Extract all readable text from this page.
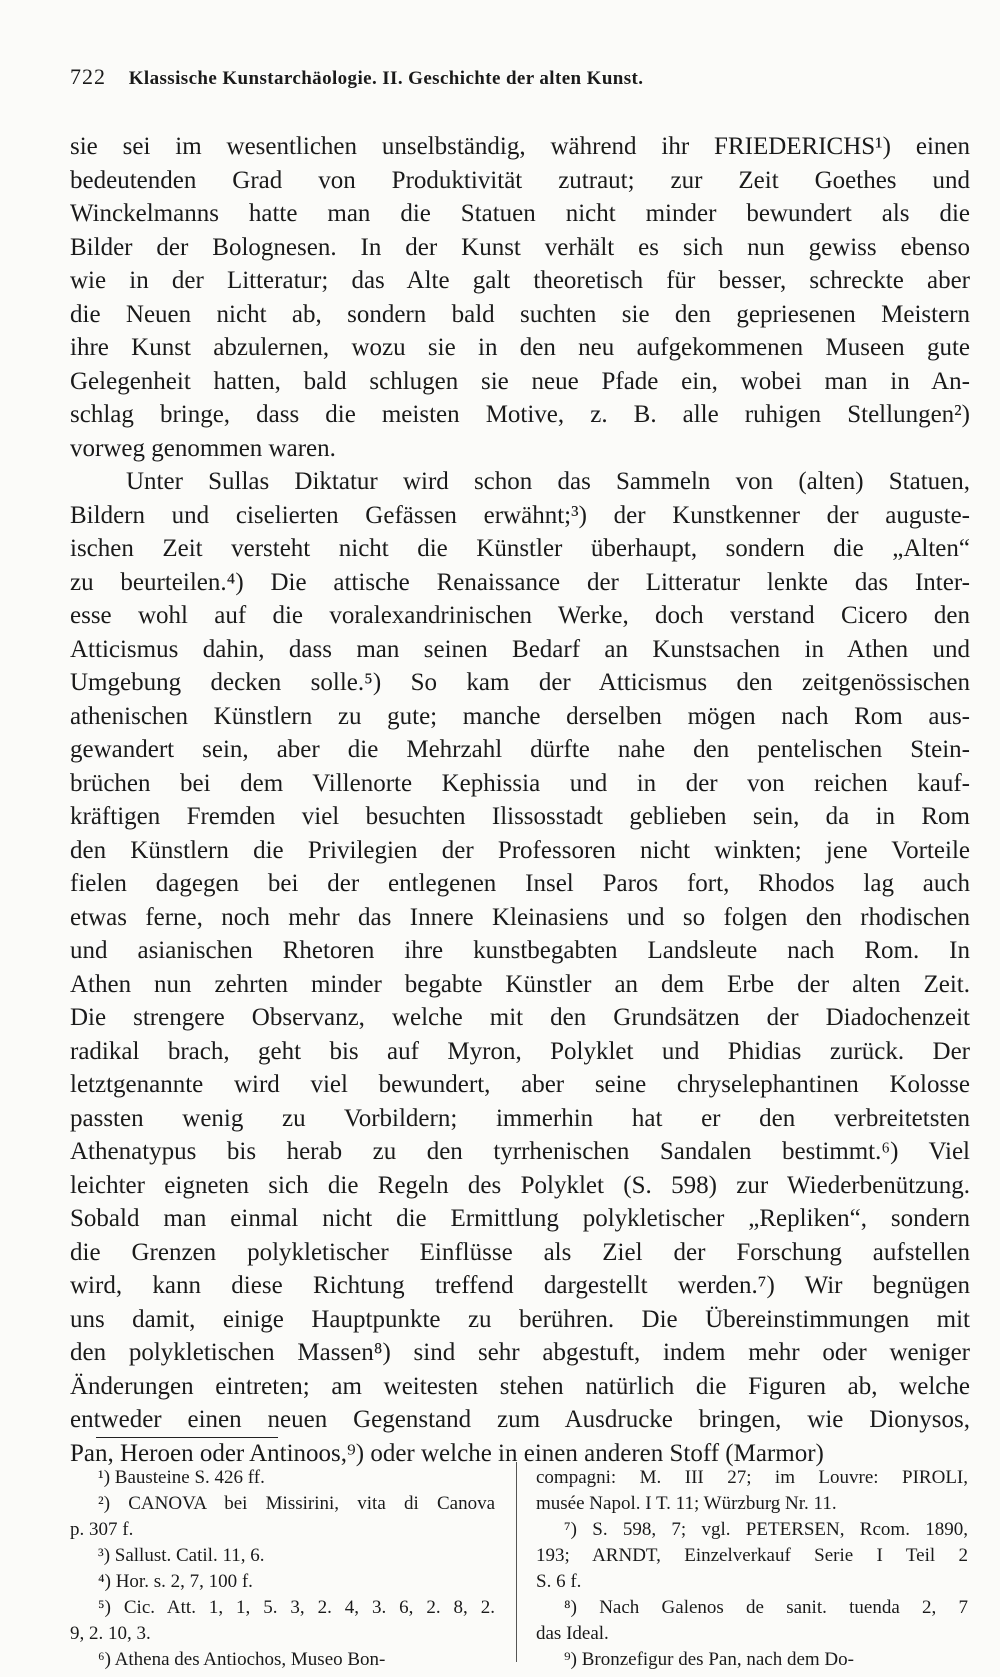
722 Klassische Kunstarchäologie. II. Geschichte der alten Kunst.
sie sei im wesentlichen unselbständig, während ihr FRIEDERICHS¹) einen
bedeutenden Grad von Produktivität zutraut; zur Zeit Goethes und
Winckelmanns hatte man die Statuen nicht minder bewundert als die
Bilder der Bolognesen. In der Kunst verhält es sich nun gewiss ebenso
wie in der Litteratur; das Alte galt theoretisch für besser, schreckte aber
die Neuen nicht ab, sondern bald suchten sie den gepriesenen Meistern
ihre Kunst abzulernen, wozu sie in den neu aufgekommenen Museen gute
Gelegenheit hatten, bald schlugen sie neue Pfade ein, wobei man in An-
schlag bringe, dass die meisten Motive, z. B. alle ruhigen Stellungen²)
vorweg genommen waren.
Unter Sullas Diktatur wird schon das Sammeln von (alten) Statuen,
Bildern und ciselierten Gefässen erwähnt;³) der Kunstkenner der auguste-
ischen Zeit versteht nicht die Künstler überhaupt, sondern die „Alten“
zu beurteilen.⁴) Die attische Renaissance der Litteratur lenkte das Inter-
esse wohl auf die voralexandrinischen Werke, doch verstand Cicero den
Atticismus dahin, dass man seinen Bedarf an Kunstsachen in Athen und
Umgebung decken solle.⁵) So kam der Atticismus den zeitgenössischen
athenischen Künstlern zu gute; manche derselben mögen nach Rom aus-
gewandert sein, aber die Mehrzahl dürfte nahe den pentelischen Stein-
brüchen bei dem Villenorte Kephissia und in der von reichen kauf-
kräftigen Fremden viel besuchten Ilissosstadt geblieben sein, da in Rom
den Künstlern die Privilegien der Professoren nicht winkten; jene Vorteile
fielen dagegen bei der entlegenen Insel Paros fort, Rhodos lag auch
etwas ferne, noch mehr das Innere Kleinasiens und so folgen den rhodischen
und asianischen Rhetoren ihre kunstbegabten Landsleute nach Rom. In
Athen nun zehrten minder begabte Künstler an dem Erbe der alten Zeit.
Die strengere Observanz, welche mit den Grundsätzen der Diadochenzeit
radikal brach, geht bis auf Myron, Polyklet und Phidias zurück. Der
letztgenannte wird viel bewundert, aber seine chryselephantinen Kolosse
passten wenig zu Vorbildern; immerhin hat er den verbreitetsten
Athenatypus bis herab zu den tyrrhenischen Sandalen bestimmt.⁶) Viel
leichter eigneten sich die Regeln des Polyklet (S. 598) zur Wiederbenützung.
Sobald man einmal nicht die Ermittlung polykletischer „Repliken“, sondern
die Grenzen polykletischer Einflüsse als Ziel der Forschung aufstellen
wird, kann diese Richtung treffend dargestellt werden.⁷) Wir begnügen
uns damit, einige Hauptpunkte zu berühren. Die Übereinstimmungen mit
den polykletischen Massen⁸) sind sehr abgestuft, indem mehr oder weniger
Änderungen eintreten; am weitesten stehen natürlich die Figuren ab, welche
entweder einen neuen Gegenstand zum Ausdrucke bringen, wie Dionysos,
Pan, Heroen oder Antinoos,⁹) oder welche in einen anderen Stoff (Marmor)
¹) Bausteine S. 426 ff.
²) CANOVA bei Missirini, vita di Canova
p. 307 f.
³) Sallust. Catil. 11, 6.
⁴) Hor. s. 2, 7, 100 f.
⁵) Cic. Att. 1, 1, 5. 3, 2. 4, 3. 6, 2. 8, 2.
9, 2. 10, 3.
⁶) Athena des Antiochos, Museo Bon-
compagni: M. III 27; im Louvre: PIROLI,
musée Napol. I T. 11; Würzburg Nr. 11.
⁷) S. 598, 7; vgl. PETERSEN, Rcom. 1890,
193; ARNDT, Einzelverkauf Serie I Teil 2
S. 6 f.
⁸) Nach Galenos de sanit. tuenda 2, 7
das Ideal.
⁹) Bronzefigur des Pan, nach dem Do-
